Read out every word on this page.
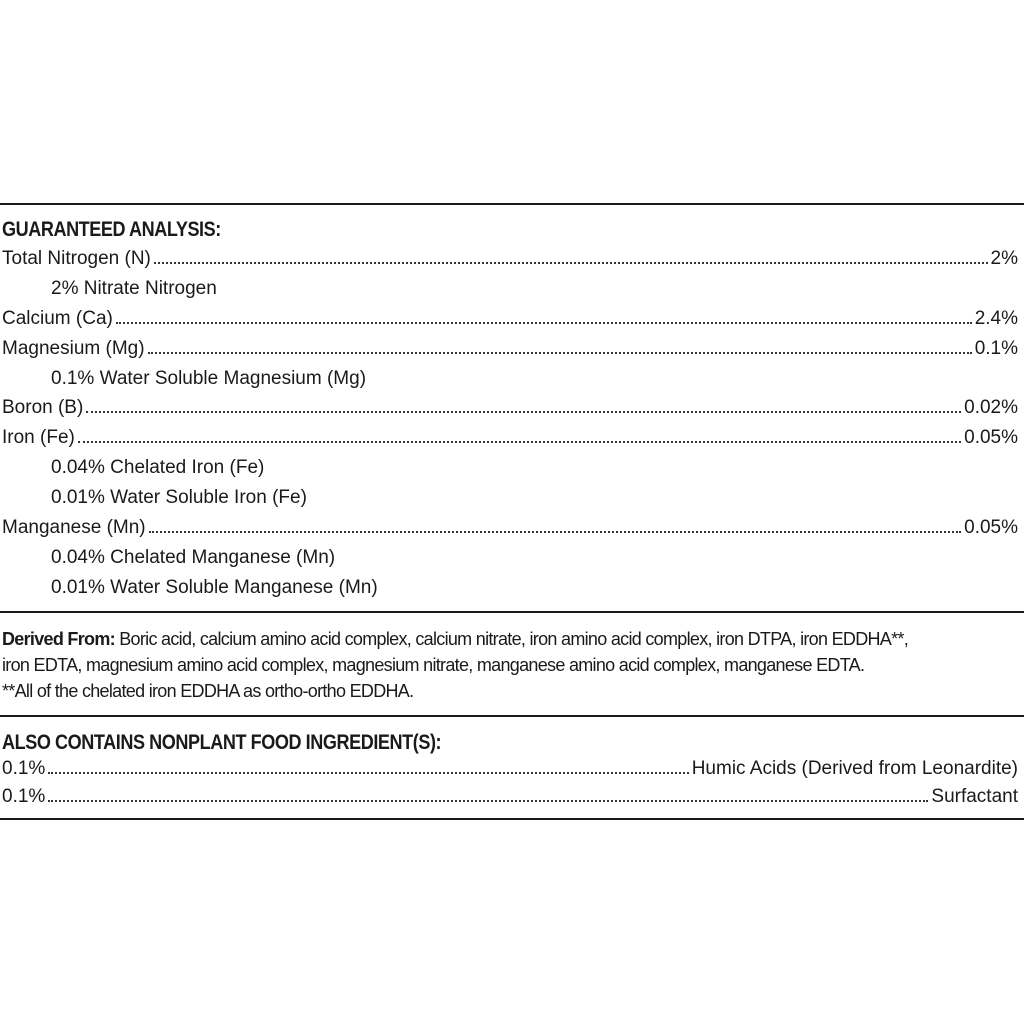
GUARANTEED ANALYSIS:
Total Nitrogen (N)	2%
2% Nitrate Nitrogen
Calcium (Ca)	2.4%
Magnesium (Mg)	0.1%
0.1% Water Soluble Magnesium (Mg)
Boron (B)	0.02%
Iron (Fe)	0.05%
0.04% Chelated Iron (Fe)
0.01% Water Soluble Iron (Fe)
Manganese (Mn)	0.05%
0.04% Chelated Manganese (Mn)
0.01% Water Soluble Manganese (Mn)
Derived From: Boric acid, calcium amino acid complex, calcium nitrate, iron amino acid complex, iron DTPA, iron EDDHA**,
iron EDTA, magnesium amino acid complex, magnesium nitrate, manganese amino acid complex, manganese EDTA.
**All of the chelated iron EDDHA as ortho-ortho EDDHA.
ALSO CONTAINS NONPLANT FOOD INGREDIENT(S):
0.1%	Humic Acids (Derived from Leonardite)
0.1%	Surfactant
